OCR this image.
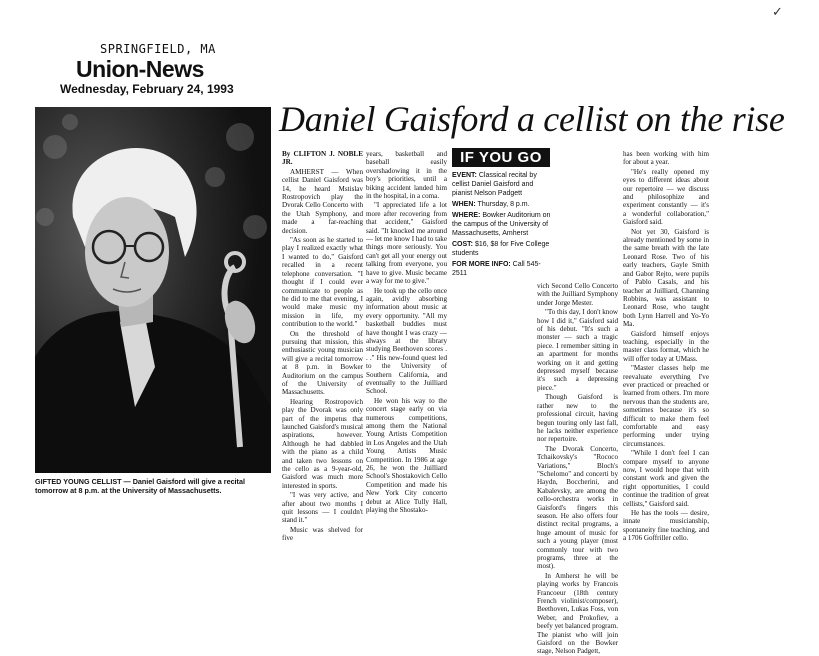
✓
SPRINGFIELD, MA
Union-News
Wednesday, February 24, 1993
GIFTED YOUNG CELLIST — Daniel Gaisford will give a recital tomorrow at 8 p.m. at the University of Massachusetts.
Daniel Gaisford a cellist on the rise

By CLIFTON J. NOBLE JR.

AMHERST — When cellist Daniel Gaisford was 14, he heard Mstislav Rostropovich play the Dvorak Cello Concerto with the Utah Symphony, and made a far-reaching decision.

"As soon as he started to play I realized exactly what I wanted to do," Gaisford recalled in a recent telephone conversation. "I thought if I could ever communicate to people as he did to me that evening, I would make music my mission in life, my contribution to the world."

On the threshold of pursuing that mission, this enthusiastic young musician will give a recital tomorrow at 8 p.m. in Bowker Auditorium on the campus of the University of Massachusetts.

Hearing Rostropovich play the Dvorak was only part of the impetus that launched Gaisford's musical aspirations, however. Although he had dabbled with the piano as a child and taken two lessons on the cello as a 9-year-old, Gaisford was much more interested in sports.

"I was very active, and after about two months I quit lessons — I couldn't stand it."

Music was shelved for five

years, basketball and baseball easily overshadowing it in the boy's priorities, until a biking accident landed him in the hospital, in a coma.

"I appreciated life a lot more after recovering from that accident," Gaisford said. "It knocked me around — let me know I had to take things more seriously. You can't get all your energy out talking from everyone, you have to give. Music became a way for me to give."

He took up the cello once again, avidly absorbing information about music at every opportunity. "All my basketball buddies must have thought I was crazy — always at the library studying Beethoven scores . . ." His new-found quest led to the University of Southern California, and eventually to the Juilliard School.

He won his way to the concert stage early on via numerous competitions, among them the National Young Artists Competition in Los Angeles and the Utah Young Artists Music Competition. In 1986 at age 26, he won the Juilliard School's Shostakovich Cello Competition and made his New York City concerto debut at Alice Tully Hall, playing the Shostako-

IF YOU GO

EVENT: Classical recital by cellist Daniel Gaisford and pianist Nelson Padgett

WHEN: Thursday, 8 p.m.

WHERE: Bowker Auditorium on the campus of the University of Massachusetts, Amherst

COST: $16, $8 for Five College students

FOR MORE INFO: Call 545-2511

vich Second Cello Concerto with the Juilliard Symphony under Jorge Mester.

"To this day, I don't know how I did it," Gaisford said of his debut. "It's such a monster — such a tragic piece. I remember sitting in an apartment for months working on it and getting depressed myself because it's such a depressing piece."

Though Gaisford is rather new to the professional circuit, having begun touring only last fall, he lacks neither experience nor repertoire.

The Dvorak Concerto, Tchaikovsky's "Rococo Variations," Bloch's "Schelomo" and concerti by Haydn, Boccherini, and Kabalevsky, are among the cello-orchestra works in Gaisford's fingers this season. He also offers four distinct recital programs, a huge amount of music for such a young player (most commonly tour with two programs, three at the most).

In Amherst he will be playing works by Francois Francoeur (18th century French violinist/composer), Beethoven, Lukas Foss, von Weber, and Prokofiev, a beefy yet balanced program. The pianist who will join Gaisford on the Bowker stage, Nelson Padgett,

has been working with him for about a year.

"He's really opened my eyes to different ideas about our repertoire — we discuss and philosophize and experiment constantly — it's a wonderful collaboration," Gaisford said.

Not yet 30, Gaisford is already mentioned by some in the same breath with the late Leonard Rose. Two of his early teachers, Gayle Smith and Gabor Rejto, were pupils of Pablo Casals, and his teacher at Juilliard, Channing Robbins, was assistant to Leonard Rose, who taught both Lynn Harrell and Yo-Yo Ma.

Gaisford himself enjoys teaching, especially in the master class format, which he will offer today at UMass.

"Master classes help me reevaluate everything I've ever practiced or preached or learned from others. I'm more nervous than the students are, sometimes because it's so difficult to make them feel comfortable and easy performing under trying circumstances.

"While I don't feel I can compare myself to anyone now, I would hope that with constant work and given the right opportunities, I could continue the tradition of great cellists," Gaisford said.

He has the tools — desire, innate musicianship, spontaneity fine teaching, and a 1706 Goffriller cello.
